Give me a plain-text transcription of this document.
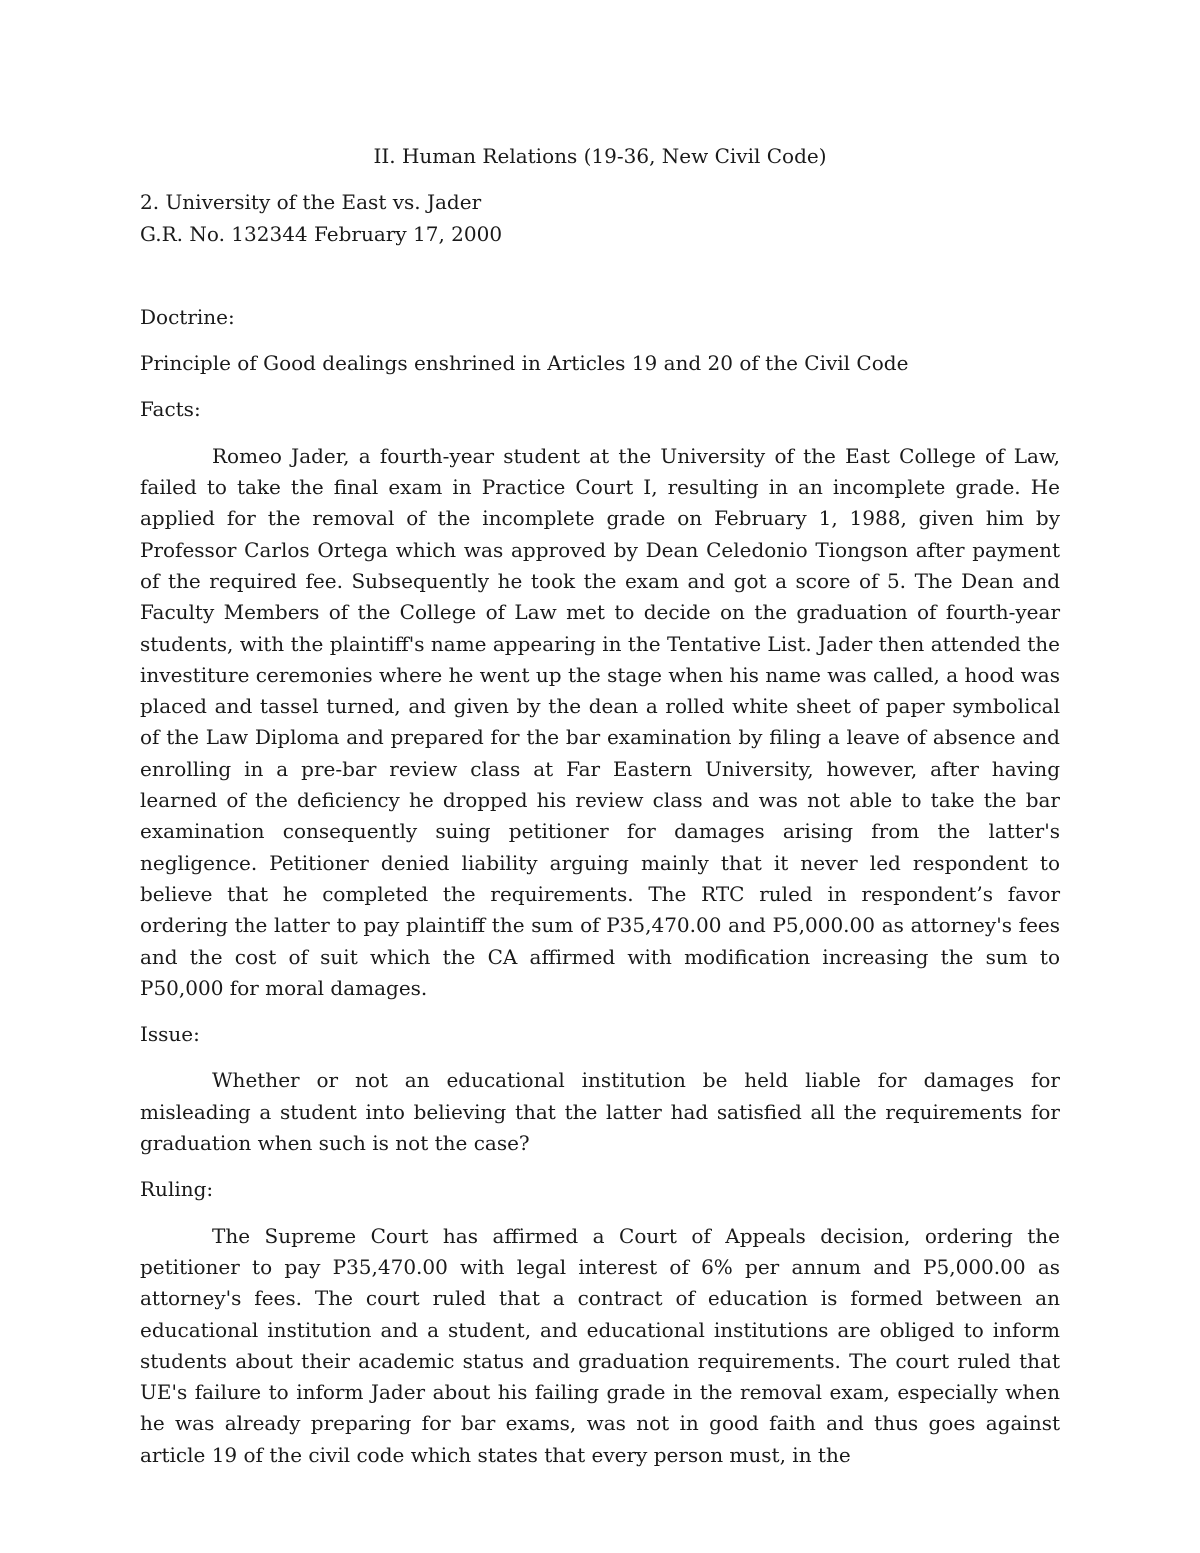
II. Human Relations (19-36, New Civil Code)

2. University of the East vs. Jader

G.R. No. 132344 February 17, 2000

Doctrine:

Principle of Good dealings enshrined in Articles 19 and 20 of the Civil Code

Facts:

Romeo Jader, a fourth-year student at the University of the East College of Law, failed to take the final exam in Practice Court I, resulting in an incomplete grade. He applied for the removal of the incomplete grade on February 1, 1988, given him by Professor Carlos Ortega which was approved by Dean Celedonio Tiongson after payment of the required fee. Subsequently he took the exam and got a score of 5. The Dean and Faculty Members of the College of Law met to decide on the graduation of fourth-year students, with the plaintiff's name appearing in the Tentative List. Jader then attended the investiture ceremonies where he went up the stage when his name was called, a hood was placed and tassel turned, and given by the dean a rolled white sheet of paper symbolical of the Law Diploma and prepared for the bar examination by filing a leave of absence and enrolling in a pre-bar review class at Far Eastern University, however, after having learned of the deficiency he dropped his review class and was not able to take the bar examination consequently suing petitioner for damages arising from the latter's negligence. Petitioner denied liability arguing mainly that it never led respondent to believe that he completed the requirements. The RTC ruled in respondent’s favor ordering the latter to pay plaintiff the sum of P35,470.00 and P5,000.00 as attorney's fees and the cost of suit which the CA affirmed with modification increasing the sum to P50,000 for moral damages.

Issue:

Whether or not an educational institution be held liable for damages for misleading a student into believing that the latter had satisfied all the requirements for graduation when such is not the case?

Ruling:

The Supreme Court has affirmed a Court of Appeals decision, ordering the petitioner to pay P35,470.00 with legal interest of 6% per annum and P5,000.00 as attorney's fees. The court ruled that a contract of education is formed between an educational institution and a student, and educational institutions are obliged to inform students about their academic status and graduation requirements. The court ruled that UE's failure to inform Jader about his failing grade in the removal exam, especially when he was already preparing for bar exams, was not in good faith and thus goes against article 19 of the civil code which states that every person must, in the
